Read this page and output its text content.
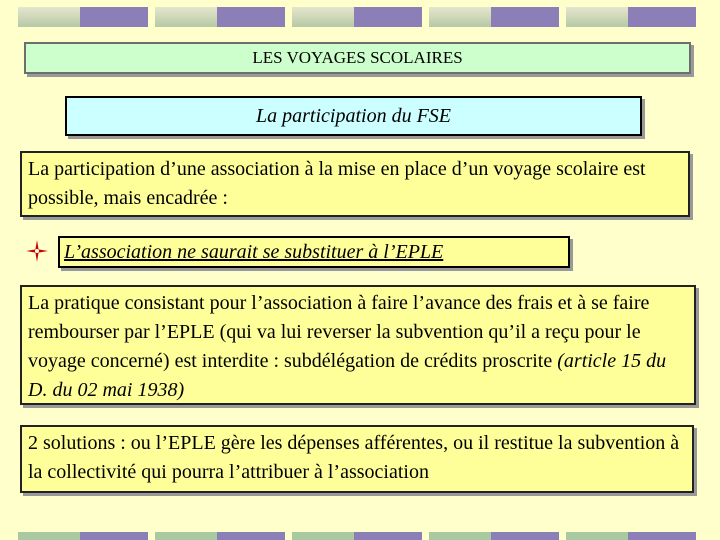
LES VOYAGES SCOLAIRES
La participation du FSE
La participation d’une association à la mise en place d’un voyage scolaire est possible, mais encadrée :
L’association ne saurait se substituer à l’EPLE
La pratique consistant pour l’association à faire l’avance des frais et à se faire rembourser par l’EPLE (qui va lui reverser la subvention qu’il a reçu pour le voyage concerné) est interdite : subdélégation de crédits proscrite (article 15 du D. du 02 mai 1938)
2 solutions : ou l’EPLE gère les dépenses afférentes, ou il restitue la subvention à la collectivité qui pourra l’attribuer à l’association
